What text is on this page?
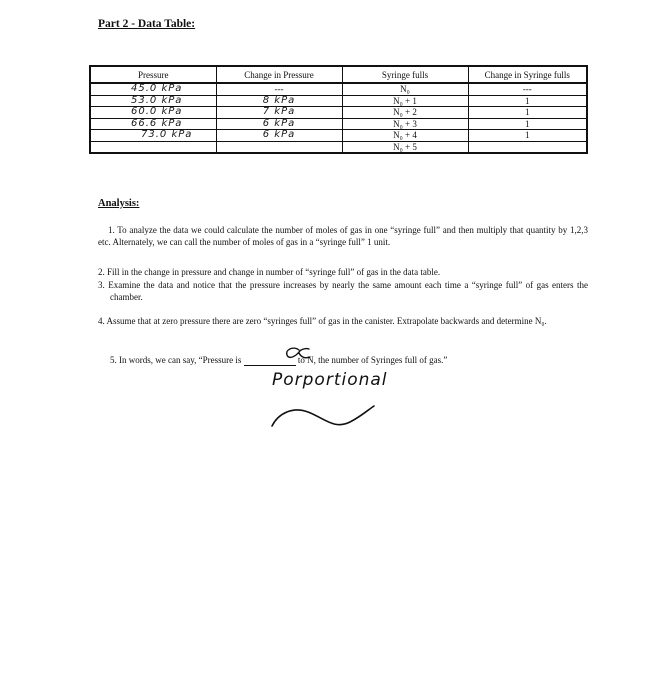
Part 2 - Data Table:
Pressure	Change in Pressure	Syringe fulls	Change in Syringe fulls
45.0 kPa	---	N₀	---
53.0 kPa	8 kPa	N₀ + 1	1
60.0 kPa	7 kPa	N₀ + 2	1
66.6 kPa	6 kPa	N₀ + 3	1
73.0 kPa	6 kPa	N₀ + 4	1
		N₀ + 5	
Analysis:
1. To analyze the data we could calculate the number of moles of gas in one “syringe full” and then multiply that quantity by 1,2,3 etc. Alternately, we can call the number of moles of gas in a “syringe full” 1 unit.
2. Fill in the change in pressure and change in number of “syringe full” of gas in the data table.
3. Examine the data and notice that the pressure increases by nearly the same amount each time a “syringe full” of gas enters the chamber.
4. Assume that at zero pressure there are zero “syringes full” of gas in the canister. Extrapolate backwards and determine N₀.
5. In words, we can say, “Pressure is	to N, the number of Syringes full of gas.”
Porportional
